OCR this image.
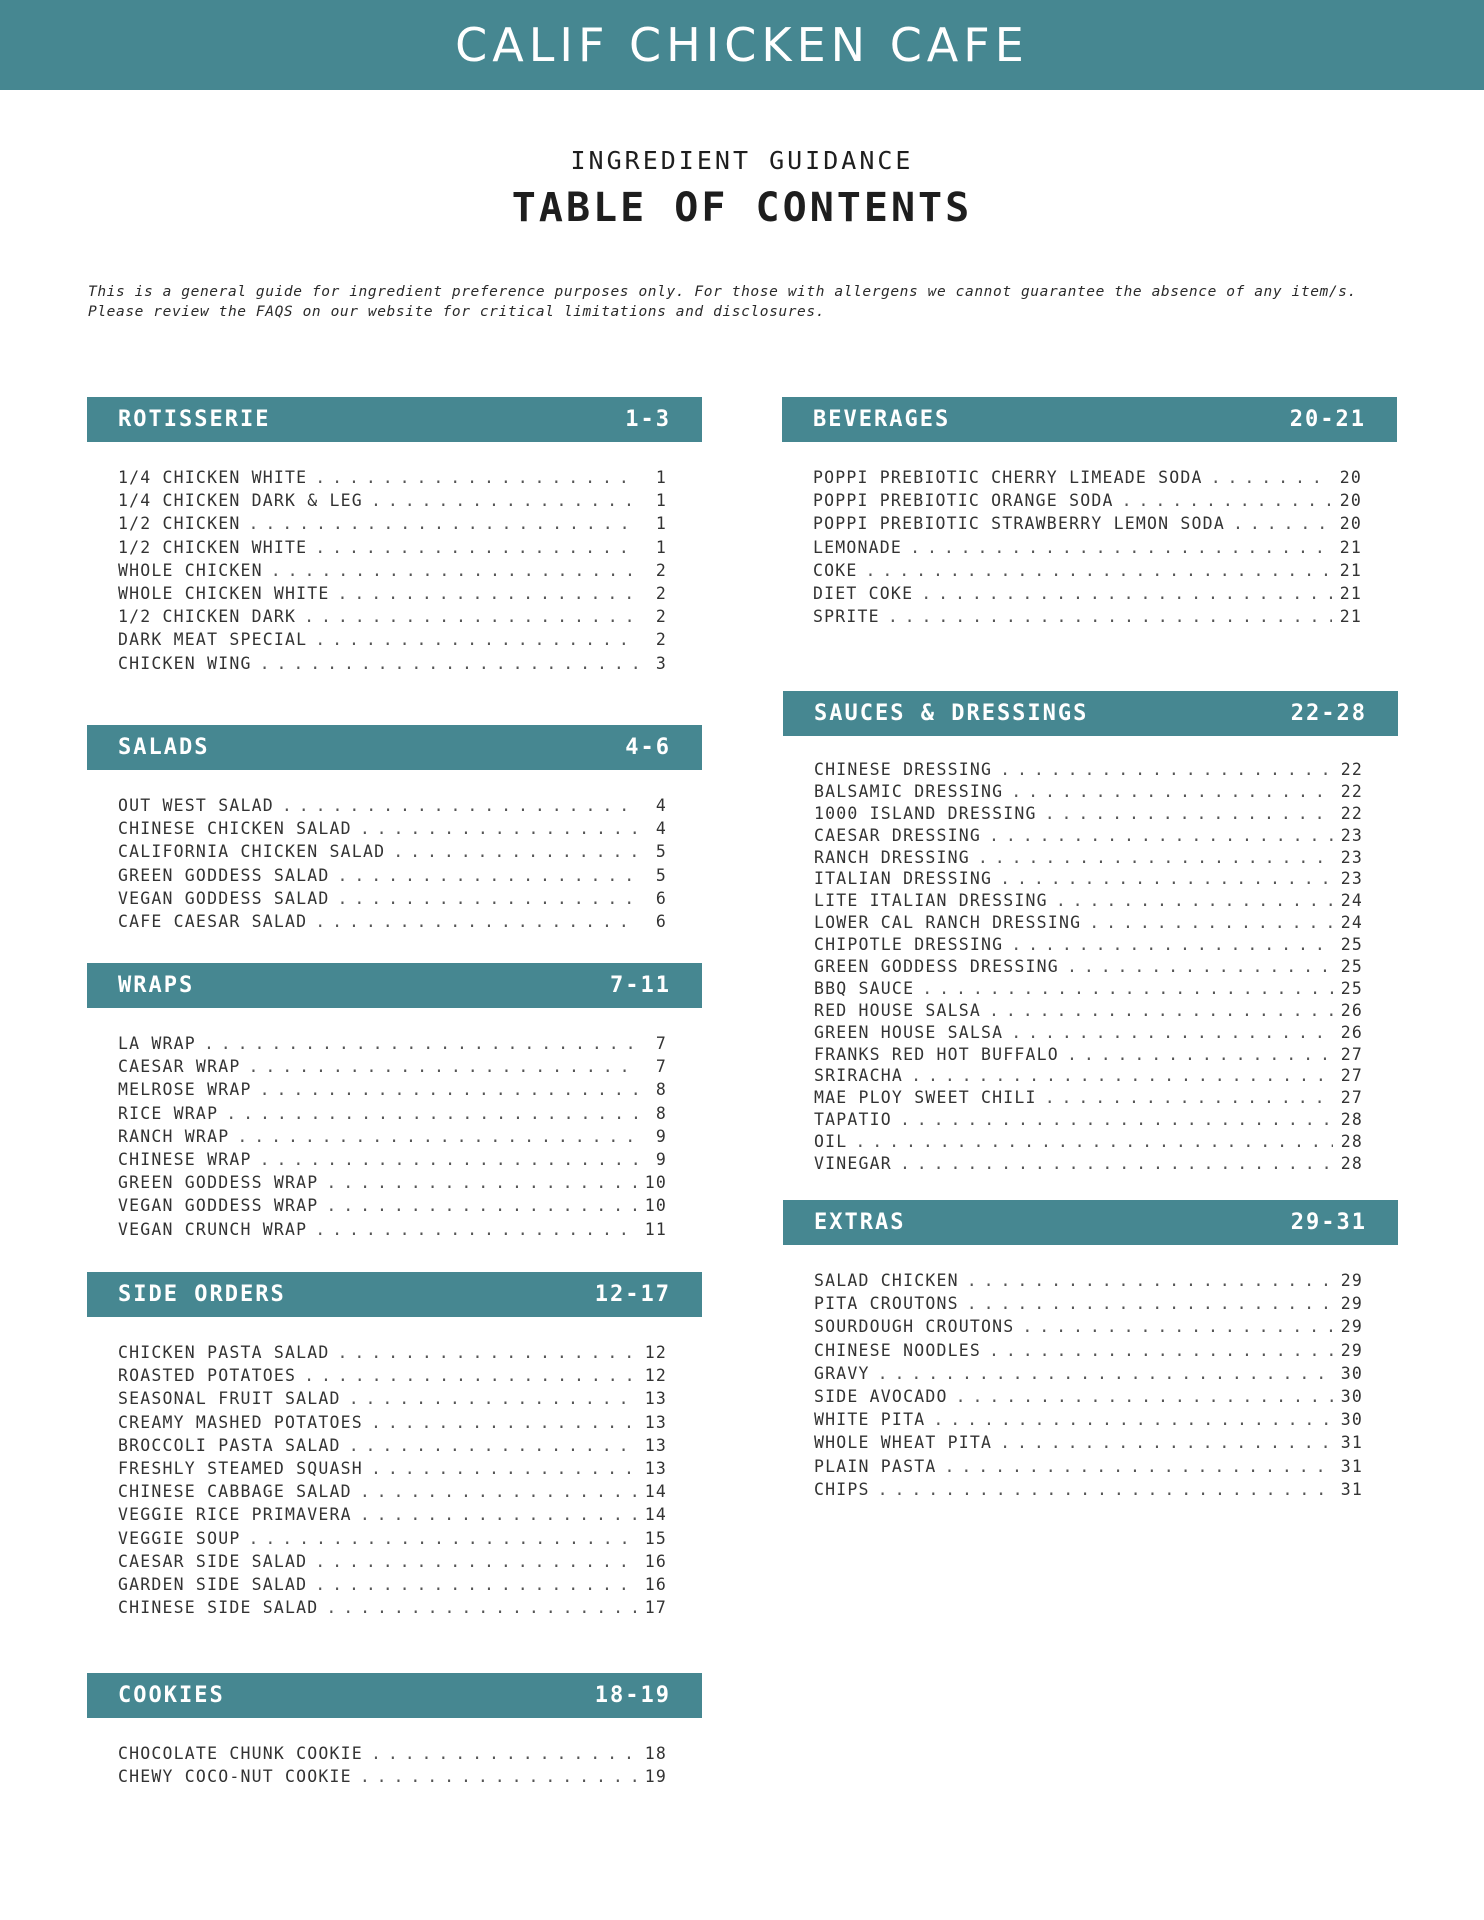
CALIF CHICKEN CAFE
INGREDIENT GUIDANCE
TABLE OF CONTENTS
This is a general guide for ingredient preference purposes only. For those with allergens we cannot guarantee the absence of any item/s.
Please review the FAQS on our website for critical limitations and disclosures.
ROTISSERIE	1-3
1/4 CHICKEN WHITE . . .	1
1/4 CHICKEN DARK & LEG . . .	1
1/2 CHICKEN . . .	1
1/2 CHICKEN WHITE . . .	1
WHOLE CHICKEN . . .	2
WHOLE CHICKEN WHITE . . .	2
1/2 CHICKEN DARK . . .	2
DARK MEAT SPECIAL . . .	2
CHICKEN WING . . .	3
SALADS	4-6
OUT WEST SALAD . . .	4
CHINESE CHICKEN SALAD . . .	4
CALIFORNIA CHICKEN SALAD . . .	5
GREEN GODDESS SALAD . . .	5
VEGAN GODDESS SALAD . . .	6
CAFE CAESAR SALAD . . .	6
WRAPS	7-11
LA WRAP . . .	7
CAESAR WRAP . . .	7
MELROSE WRAP . . .	8
RICE WRAP . . .	8
RANCH WRAP . . .	9
CHINESE WRAP . . .	9
GREEN GODDESS WRAP . . .	10
VEGAN GODDESS WRAP . . .	10
VEGAN CRUNCH WRAP . . .	11
SIDE ORDERS	12-17
CHICKEN PASTA SALAD . . .	12
ROASTED POTATOES . . .	12
SEASONAL FRUIT SALAD . . .	13
CREAMY MASHED POTATOES . . .	13
BROCCOLI PASTA SALAD . . .	13
FRESHLY STEAMED SQUASH . . .	13
CHINESE CABBAGE SALAD . . .	14
VEGGIE RICE PRIMAVERA . . .	14
VEGGIE SOUP . . .	15
CAESAR SIDE SALAD . . .	16
GARDEN SIDE SALAD . . .	16
CHINESE SIDE SALAD . . .	17
COOKIES	18-19
CHOCOLATE CHUNK COOKIE . . .	18
CHEWY COCO-NUT COOKIE . . .	19
BEVERAGES	20-21
POPPI PREBIOTIC CHERRY LIMEADE SODA . . .	20
POPPI PREBIOTIC ORANGE SODA . . .	20
POPPI PREBIOTIC STRAWBERRY LEMON SODA . . .	20
LEMONADE . . .	21
COKE . . .	21
DIET COKE . . .	21
SPRITE . . .	21
SAUCES & DRESSINGS	22-28
CHINESE DRESSING . . .	22
BALSAMIC DRESSING . . .	22
1000 ISLAND DRESSING . . .	22
CAESAR DRESSING . . .	23
RANCH DRESSING . . .	23
ITALIAN DRESSING . . .	23
LITE ITALIAN DRESSING . . .	24
LOWER CAL RANCH DRESSING . . .	24
CHIPOTLE DRESSING . . .	25
GREEN GODDESS DRESSING . . .	25
BBQ SAUCE . . .	25
RED HOUSE SALSA . . .	26
GREEN HOUSE SALSA . . .	26
FRANKS RED HOT BUFFALO . . .	27
SRIRACHA . . .	27
MAE PLOY SWEET CHILI . . .	27
TAPATIO . . .	28
OIL . . .	28
VINEGAR . . .	28
EXTRAS	29-31
SALAD CHICKEN . . .	29
PITA CROUTONS . . .	29
SOURDOUGH CROUTONS . . .	29
CHINESE NOODLES . . .	29
GRAVY . . .	30
SIDE AVOCADO . . .	30
WHITE PITA . . .	30
WHOLE WHEAT PITA . . .	31
PLAIN PASTA . . .	31
CHIPS . . .	31
